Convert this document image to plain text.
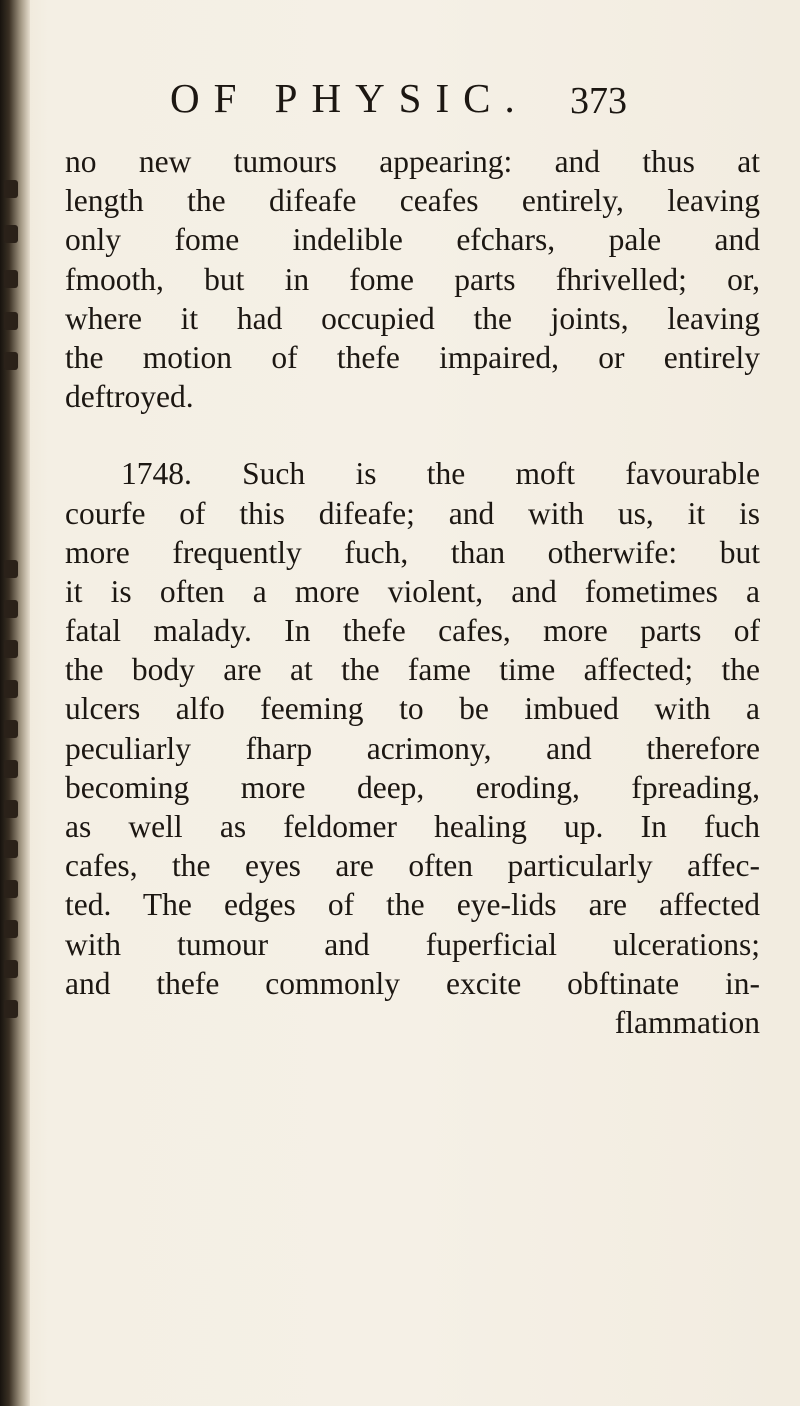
OF PHYSIC. 373
no new tumours appearing: and thus at
length the difeafe ceafes entirely, leaving
only fome indelible efchars, pale and
fmooth, but in fome parts fhrivelled; or,
where it had occupied the joints, leaving
the motion of thefe impaired, or entirely
deftroyed.
1748. Such is the moft favourable
courfe of this difeafe; and with us, it is
more frequently fuch, than otherwife: but
it is often a more violent, and fometimes a
fatal malady. In thefe cafes, more parts of
the body are at the fame time affected; the
ulcers alfo feeming to be imbued with a
peculiarly fharp acrimony, and therefore
becoming more deep, eroding, fpreading,
as well as feldomer healing up. In fuch
cafes, the eyes are often particularly affec-
ted. The edges of the eye-lids are affected
with tumour and fuperficial ulcerations;
and thefe commonly excite obftinate in-
flammation
